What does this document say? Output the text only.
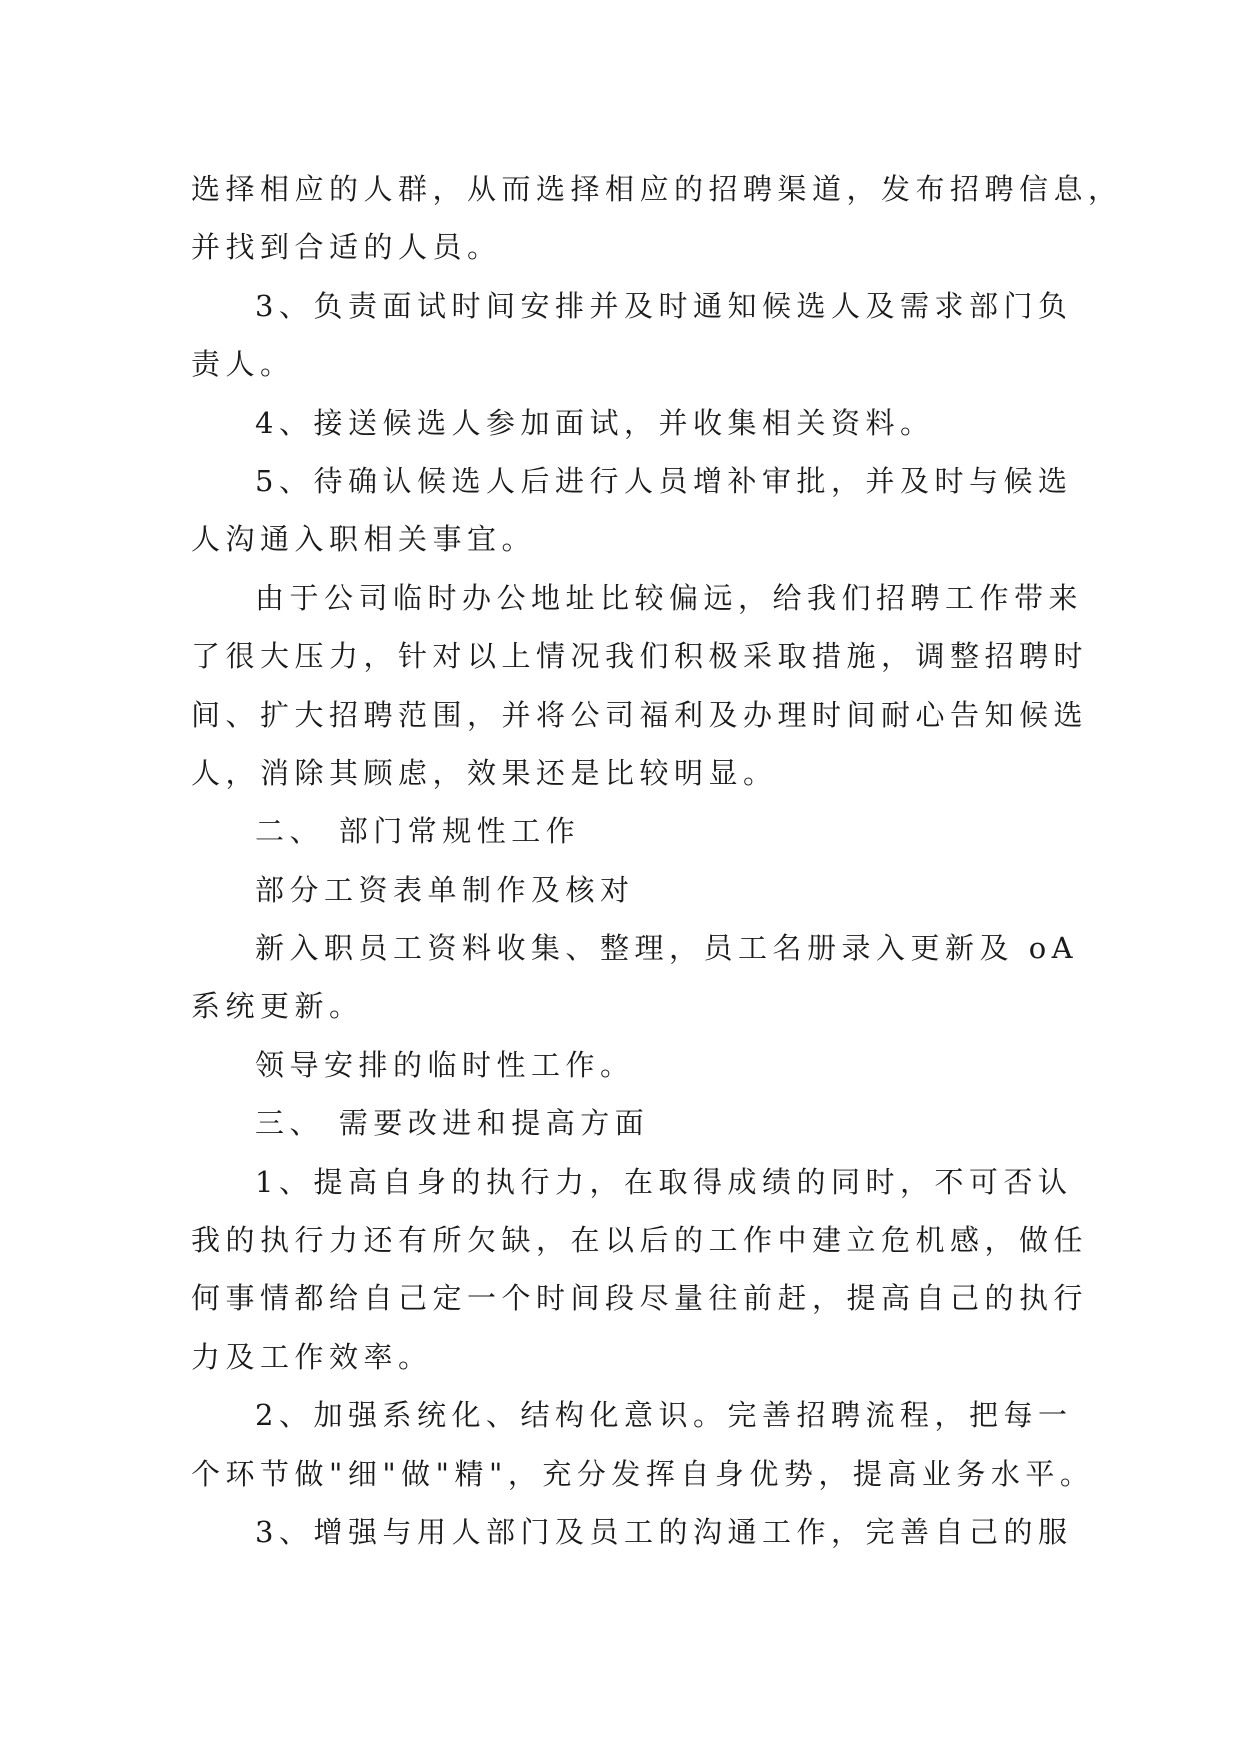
选择相应的人群，从而选择相应的招聘渠道，发布招聘信息，
并找到合适的人员。
3、负责面试时间安排并及时通知候选人及需求部门负
责人。
4、接送候选人参加面试，并收集相关资料。
5、待确认候选人后进行人员增补审批，并及时与候选
人沟通入职相关事宜。
由于公司临时办公地址比较偏远，给我们招聘工作带来
了很大压力，针对以上情况我们积极采取措施，调整招聘时
间、扩大招聘范围，并将公司福利及办理时间耐心告知候选
人，消除其顾虑，效果还是比较明显。
二、 部门常规性工作
部分工资表单制作及核对
新入职员工资料收集、整理，员工名册录入更新及 oA
系统更新。
领导安排的临时性工作。
三、 需要改进和提高方面
1、提高自身的执行力，在取得成绩的同时，不可否认
我的执行力还有所欠缺，在以后的工作中建立危机感，做任
何事情都给自己定一个时间段尽量往前赶，提高自己的执行
力及工作效率。
2、加强系统化、结构化意识。完善招聘流程，把每一
个环节做"细"做"精"，充分发挥自身优势，提高业务水平。
3、增强与用人部门及员工的沟通工作，完善自己的服
